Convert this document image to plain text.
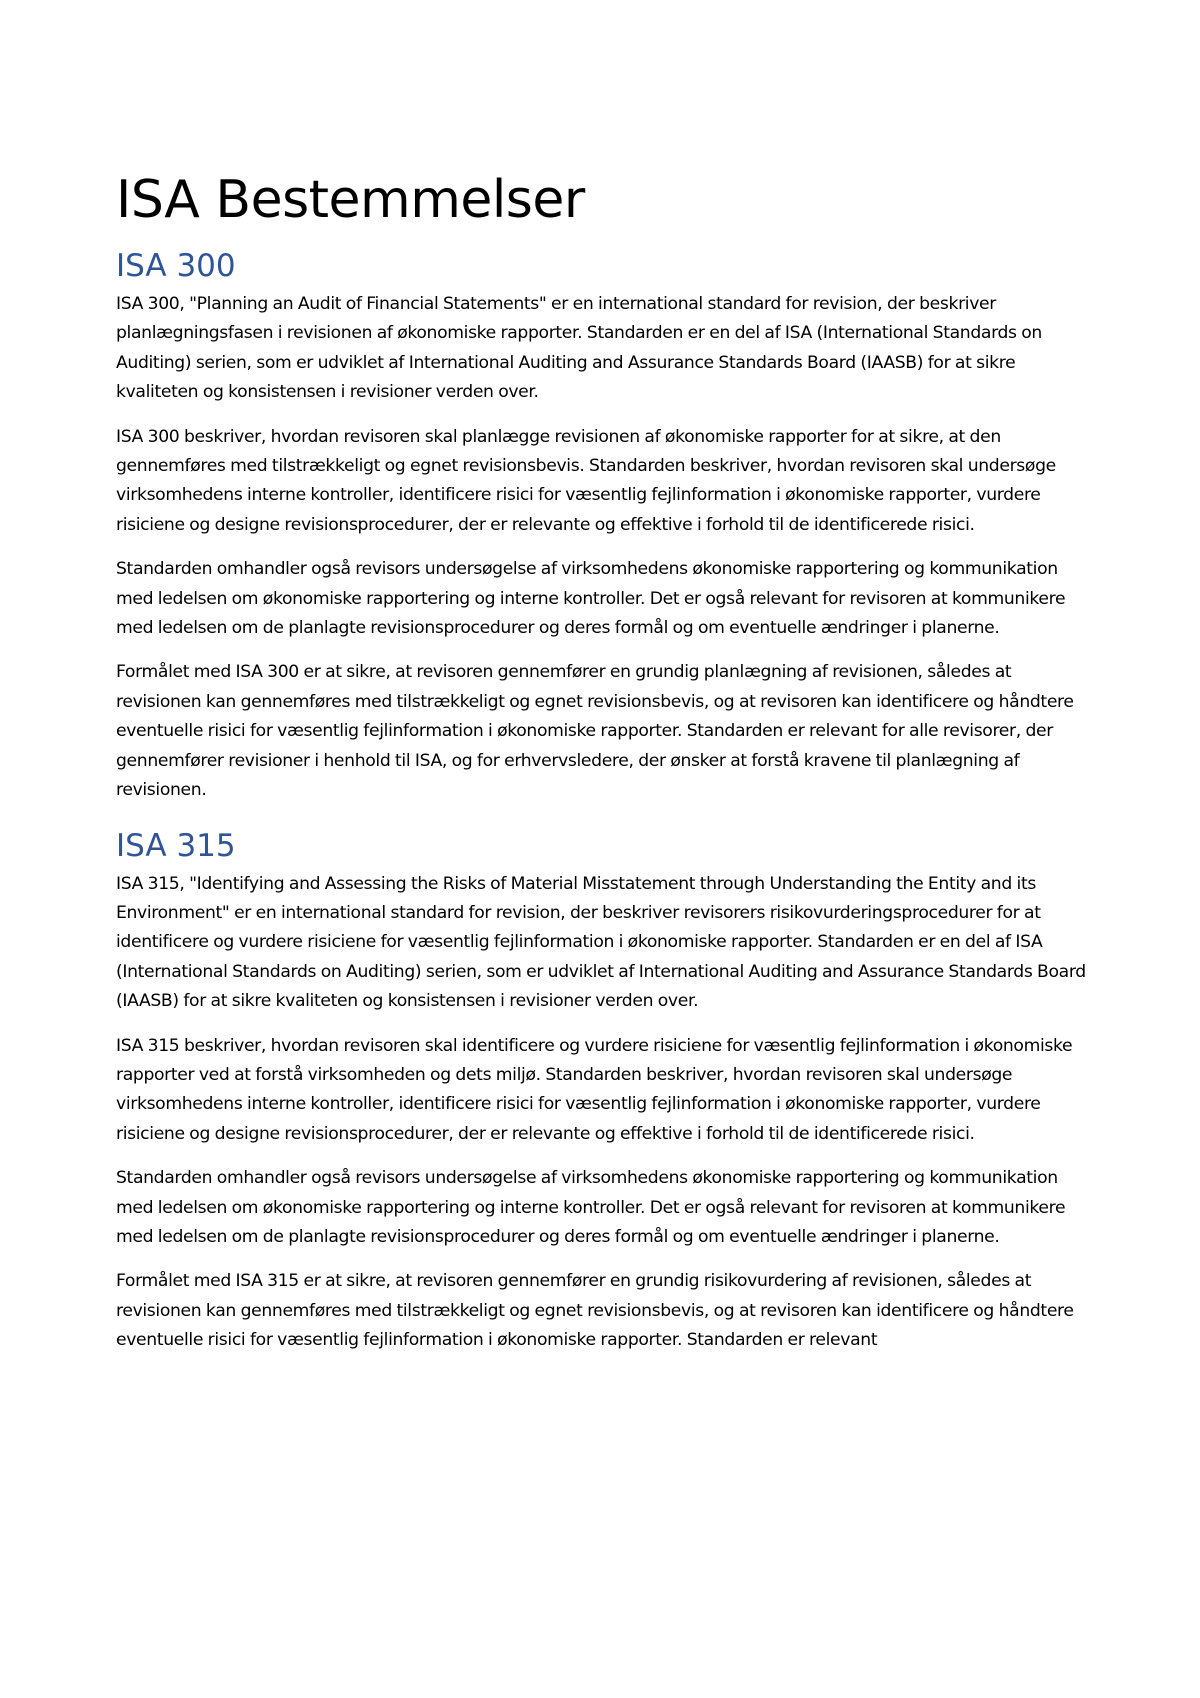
ISA Bestemmelser
ISA 300

ISA 300, "Planning an Audit of Financial Statements" er en international standard for revision, der beskriver planlægningsfasen i revisionen af økonomiske rapporter. Standarden er en del af ISA (International Standards on Auditing) serien, som er udviklet af International Auditing and Assurance Standards Board (IAASB) for at sikre kvaliteten og konsistensen i revisioner verden over.

ISA 300 beskriver, hvordan revisoren skal planlægge revisionen af økonomiske rapporter for at sikre, at den gennemføres med tilstrækkeligt og egnet revisionsbevis. Standarden beskriver, hvordan revisoren skal undersøge virksomhedens interne kontroller, identificere risici for væsentlig fejlinformation i økonomiske rapporter, vurdere risiciene og designe revisionsprocedurer, der er relevante og effektive i forhold til de identificerede risici.

Standarden omhandler også revisors undersøgelse af virksomhedens økonomiske rapportering og kommunikation med ledelsen om økonomiske rapportering og interne kontroller. Det er også relevant for revisoren at kommunikere med ledelsen om de planlagte revisionsprocedurer og deres formål og om eventuelle ændringer i planerne.

Formålet med ISA 300 er at sikre, at revisoren gennemfører en grundig planlægning af revisionen, således at revisionen kan gennemføres med tilstrækkeligt og egnet revisionsbevis, og at revisoren kan identificere og håndtere eventuelle risici for væsentlig fejlinformation i økonomiske rapporter. Standarden er relevant for alle revisorer, der gennemfører revisioner i henhold til ISA, og for erhvervsledere, der ønsker at forstå kravene til planlægning af revisionen.

ISA 315

ISA 315, "Identifying and Assessing the Risks of Material Misstatement through Understanding the Entity and its Environment" er en international standard for revision, der beskriver revisorers risikovurderingsprocedurer for at identificere og vurdere risiciene for væsentlig fejlinformation i økonomiske rapporter. Standarden er en del af ISA (International Standards on Auditing) serien, som er udviklet af International Auditing and Assurance Standards Board (IAASB) for at sikre kvaliteten og konsistensen i revisioner verden over.

ISA 315 beskriver, hvordan revisoren skal identificere og vurdere risiciene for væsentlig fejlinformation i økonomiske rapporter ved at forstå virksomheden og dets miljø. Standarden beskriver, hvordan revisoren skal undersøge virksomhedens interne kontroller, identificere risici for væsentlig fejlinformation i økonomiske rapporter, vurdere risiciene og designe revisionsprocedurer, der er relevante og effektive i forhold til de identificerede risici.

Standarden omhandler også revisors undersøgelse af virksomhedens økonomiske rapportering og kommunikation med ledelsen om økonomiske rapportering og interne kontroller. Det er også relevant for revisoren at kommunikere med ledelsen om de planlagte revisionsprocedurer og deres formål og om eventuelle ændringer i planerne.

Formålet med ISA 315 er at sikre, at revisoren gennemfører en grundig risikovurdering af revisionen, således at revisionen kan gennemføres med tilstrækkeligt og egnet revisionsbevis, og at revisoren kan identificere og håndtere eventuelle risici for væsentlig fejlinformation i økonomiske rapporter. Standarden er relevant
